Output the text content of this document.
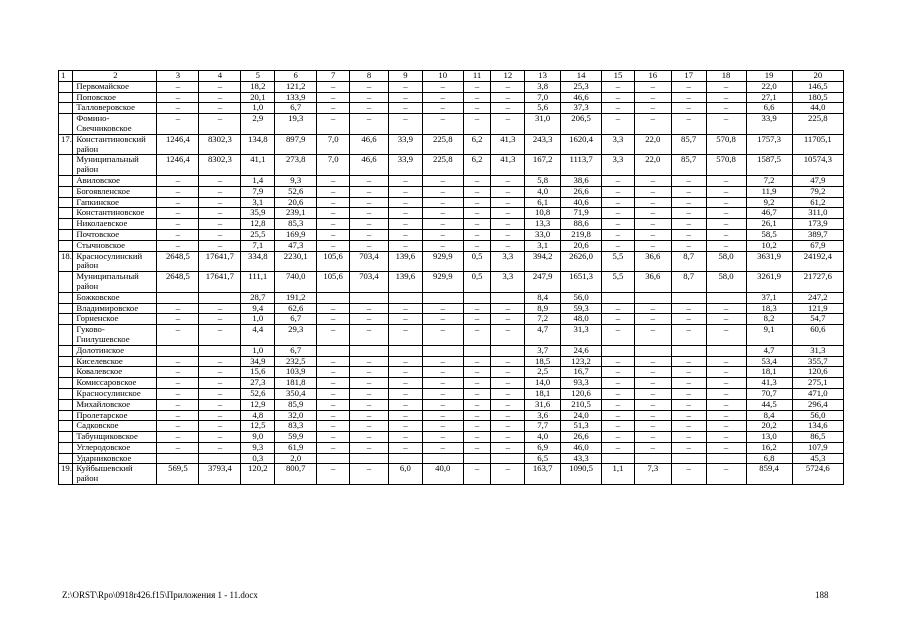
1	2	3	4	5	6	7	8	9	10	11	12	13	14	15	16	17	18	19	20
	Первомайское	–	–	18,2	121,2	–	–	–	–	–	–	3,8	25,3	–	–	–	–	22,0	146,5
	Поповское	–	–	20,1	133,9	–	–	–	–	–	–	7,0	46,6	–	–	–	–	27,1	180,5
	Талловеровское	–	–	1,0	6,7	–	–	–	–	–	–	5,6	37,3	–	–	–	–	6,6	44,0
	Фомино-Свечниковское	–	–	2,9	19,3	–	–	–	–	–	–	31,0	206,5	–	–	–	–	33,9	225,8
17.	Константиновский район	1246,4	8302,3	134,8	897,9	7,0	46,6	33,9	225,8	6,2	41,3	243,3	1620,4	3,3	22,0	85,7	570,8	1757,3	11705,1
	Муниципальный район	1246,4	8302,3	41,1	273,8	7,0	46,6	33,9	225,8	6,2	41,3	167,2	1113,7	3,3	22,0	85,7	570,8	1587,5	10574,3
	Авиловское	–	–	1,4	9,3	–	–	–	–	–	–	5,8	38,6	–	–	–	–	7,2	47,9
	Богоявленское	–	–	7,9	52,6	–	–	–	–	–	–	4,0	26,6	–	–	–	–	11,9	79,2
	Гапкинское	–	–	3,1	20,6	–	–	–	–	–	–	6,1	40,6	–	–	–	–	9,2	61,2
	Константиновское	–	–	35,9	239,1	–	–	–	–	–	–	10,8	71,9	–	–	–	–	46,7	311,0
	Николаевское	–	–	12,8	85,3	–	–	–	–	–	–	13,3	88,6	–	–	–	–	26,1	173,9
	Почтовское	–	–	25,5	169,9	–	–	–	–	–	–	33,0	219,8	–	–	–	–	58,5	389,7
	Стычновское	–	–	7,1	47,3	–	–	–	–	–	–	3,1	20,6	–	–	–	–	10,2	67,9
18.	Красносулинский район	2648,5	17641,7	334,8	2230,1	105,6	703,4	139,6	929,9	0,5	3,3	394,2	2626,0	5,5	36,6	8,7	58,0	3631,9	24192,4
	Муниципальный район	2648,5	17641,7	111,1	740,0	105,6	703,4	139,6	929,9	0,5	3,3	247,9	1651,3	5,5	36,6	8,7	58,0	3261,9	21727,6
	Божковское			28,7	191,2							8,4	56,0					37,1	247,2
	Владимировское	–	–	9,4	62,6	–	–	–	–	–	–	8,9	59,3	–	–	–	–	18,3	121,9
	Горненское	–	–	1,0	6,7	–	–	–	–	–	–	7,2	48,0	–	–	–	–	8,2	54,7
	Гуково-Гнилушевское	–	–	4,4	29,3	–	–	–	–	–	–	4,7	31,3	–	–	–	–	9,1	60,6
	Долотинское			1,0	6,7							3,7	24,6					4,7	31,3
	Киселевское	–	–	34,9	232,5	–	–	–	–	–	–	18,5	123,2	–	–	–	–	53,4	355,7
	Ковалевское	–	–	15,6	103,9	–	–	–	–	–	–	2,5	16,7	–	–	–	–	18,1	120,6
	Комиссаровское	–	–	27,3	181,8	–	–	–	–	–	–	14,0	93,3	–	–	–	–	41,3	275,1
	Красносулинское	–	–	52,6	350,4	–	–	–	–	–	–	18,1	120,6	–	–	–	–	70,7	471,0
	Михайловское	–	–	12,9	85,9	–	–	–	–	–	–	31,6	210,5	–	–	–	–	44,5	296,4
	Пролетарское	–	–	4,8	32,0	–	–	–	–	–	–	3,6	24,0	–	–	–	–	8,4	56,0
	Садковское	–	–	12,5	83,3	–	–	–	–	–	–	7,7	51,3	–	–	–	–	20,2	134,6
	Табунщиковское	–	–	9,0	59,9	–	–	–	–	–	–	4,0	26,6	–	–	–	–	13,0	86,5
	Углеродовское	–	–	9,3	61,9	–	–	–	–	–	–	6,9	46,0	–	–	–	–	16,2	107,9
	Ударниковское			0,3	2,0							6,5	43,3					6,8	45,3
19.	Куйбышевский район	569,5	3793,4	120,2	800,7	–	–	6,0	40,0	–	–	163,7	1090,5	1,1	7,3	–	–	859,4	5724,6
Z:\ORST\Rpo\0918r426.f15\Приложения 1 - 11.docx	188
